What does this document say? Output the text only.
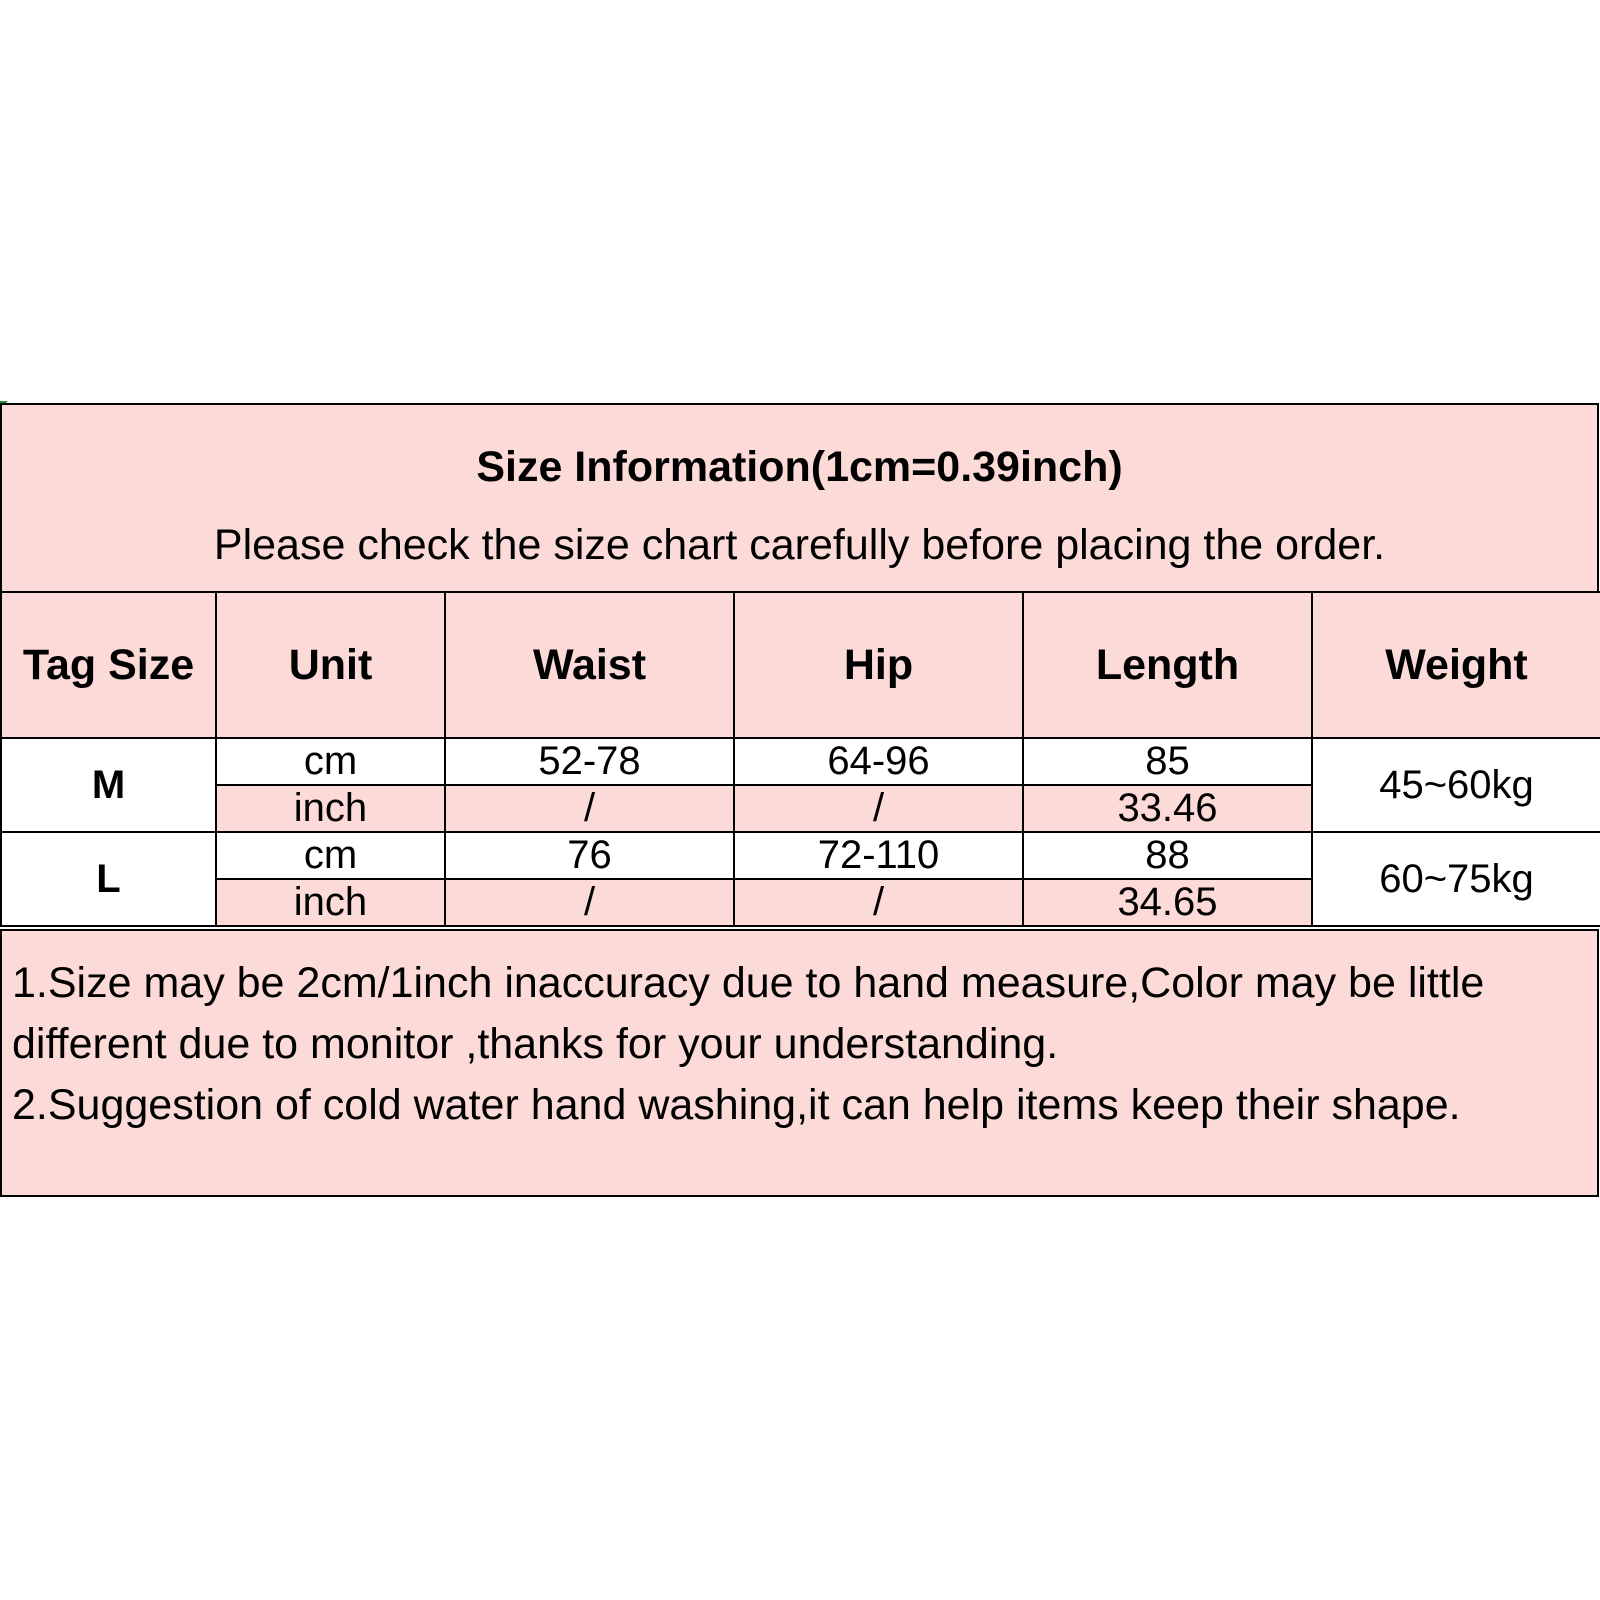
Size Information(1cm=0.39inch)
Please check the size chart carefully before placing the order.
Tag Size	Unit	Waist	Hip	Length	Weight
M	cm	52-78	64-96	85	45~60kg
	inch	/	/	33.46	
L	cm	76	72-110	88	60~75kg
	inch	/	/	34.65	

1.Size may be 2cm/1inch inaccuracy due to hand measure,Color may be little different due to monitor ,thanks for your understanding.

2.Suggestion of cold water hand washing,it can help items keep their shape.
